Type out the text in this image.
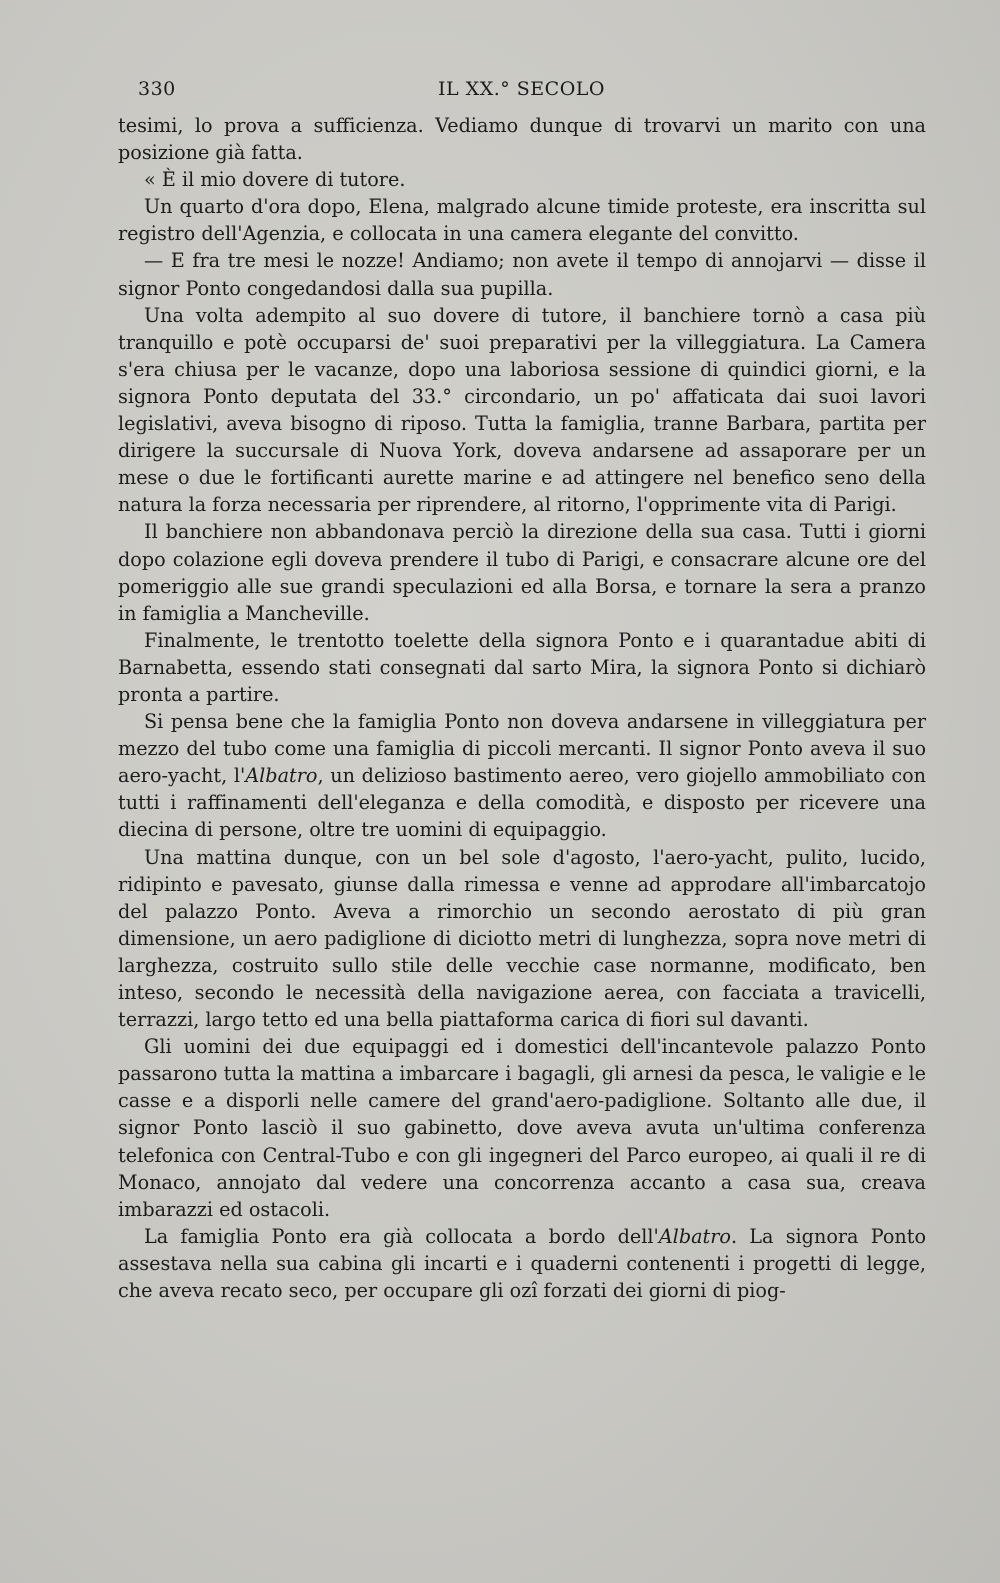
330	IL XX.° SECOLO

tesimi, lo prova a sufficienza. Vediamo dunque di trovarvi un marito con una posizione già fatta.

« È il mio dovere di tutore.

Un quarto d'ora dopo, Elena, malgrado alcune timide proteste, era inscritta sul registro dell'Agenzia, e collocata in una camera elegante del convitto.

— E fra tre mesi le nozze! Andiamo; non avete il tempo di annojarvi — disse il signor Ponto congedandosi dalla sua pupilla.

Una volta adempito al suo dovere di tutore, il banchiere tornò a casa più tranquillo e potè occuparsi de' suoi preparativi per la villeggiatura. La Camera s'era chiusa per le vacanze, dopo una laboriosa sessione di quindici giorni, e la signora Ponto deputata del 33.° circondario, un po' affaticata dai suoi lavori legislativi, aveva bisogno di riposo. Tutta la famiglia, tranne Barbara, partita per dirigere la succursale di Nuova York, doveva andarsene ad assaporare per un mese o due le fortificanti aurette marine e ad attingere nel benefico seno della natura la forza necessaria per riprendere, al ritorno, l'opprimente vita di Parigi.

Il banchiere non abbandonava perciò la direzione della sua casa. Tutti i giorni dopo colazione egli doveva prendere il tubo di Parigi, e consacrare alcune ore del pomeriggio alle sue grandi speculazioni ed alla Borsa, e tornare la sera a pranzo in famiglia a Mancheville.

Finalmente, le trentotto toelette della signora Ponto e i quarantadue abiti di Barnabetta, essendo stati consegnati dal sarto Mira, la signora Ponto si dichiarò pronta a partire.

Si pensa bene che la famiglia Ponto non doveva andarsene in villeggiatura per mezzo del tubo come una famiglia di piccoli mercanti. Il signor Ponto aveva il suo aero-yacht, l'Albatro, un delizioso bastimento aereo, vero giojello ammobiliato con tutti i raffinamenti dell'eleganza e della comodità, e disposto per ricevere una diecina di persone, oltre tre uomini di equipaggio.

Una mattina dunque, con un bel sole d'agosto, l'aero-yacht, pulito, lucido, ridipinto e pavesato, giunse dalla rimessa e venne ad approdare all'imbarcatojo del palazzo Ponto. Aveva a rimorchio un secondo aerostato di più gran dimensione, un aero padiglione di diciotto metri di lunghezza, sopra nove metri di larghezza, costruito sullo stile delle vecchie case normanne, modificato, ben inteso, secondo le necessità della navigazione aerea, con facciata a travicelli, terrazzi, largo tetto ed una bella piattaforma carica di fiori sul davanti.

Gli uomini dei due equipaggi ed i domestici dell'incantevole palazzo Ponto passarono tutta la mattina a imbarcare i bagagli, gli arnesi da pesca, le valigie e le casse e a disporli nelle camere del grand'aero-padiglione. Soltanto alle due, il signor Ponto lasciò il suo gabinetto, dove aveva avuta un'ultima conferenza telefonica con Central-Tubo e con gli ingegneri del Parco europeo, ai quali il re di Monaco, annojato dal vedere una concorrenza accanto a casa sua, creava imbarazzi ed ostacoli.

La famiglia Ponto era già collocata a bordo dell'Albatro. La signora Ponto assestava nella sua cabina gli incarti e i quaderni contenenti i progetti di legge, che aveva recato seco, per occupare gli ozî forzati dei giorni di piog-
